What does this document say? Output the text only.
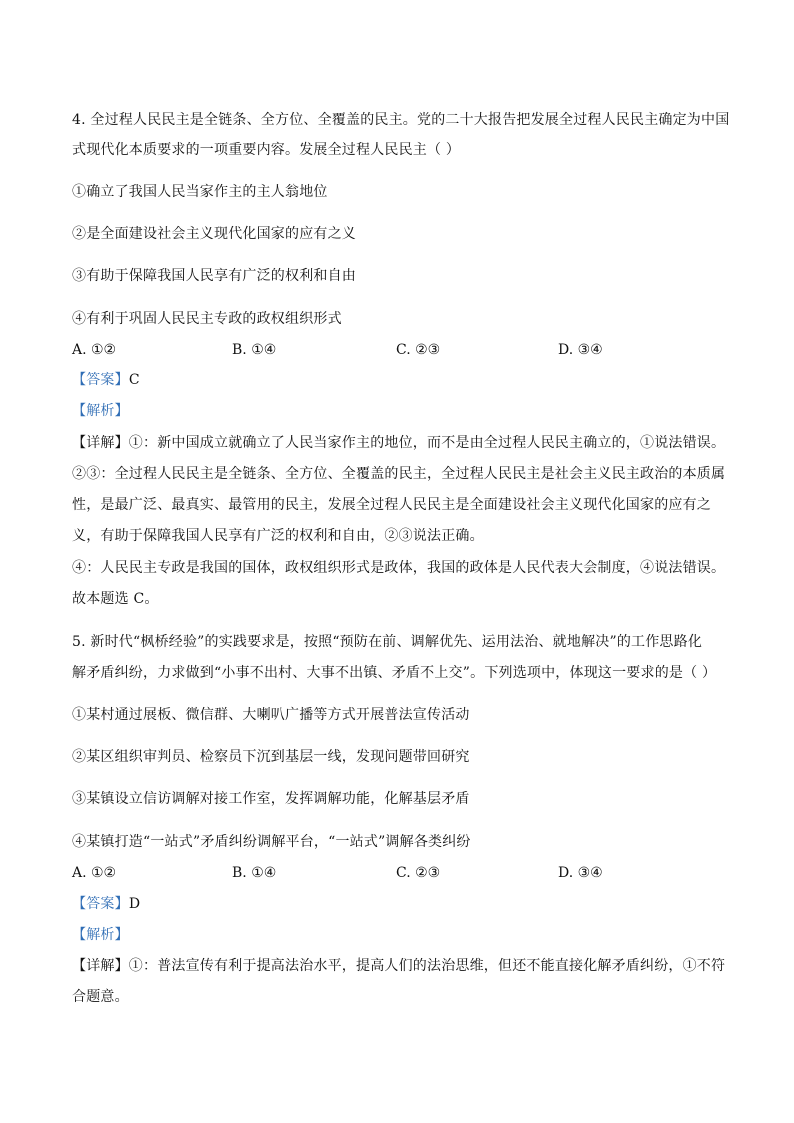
4. 全过程人民民主是全链条、全方位、全覆盖的民主。党的二十大报告把发展全过程人民民主确定为中国
式现代化本质要求的一项重要内容。发展全过程人民民主（ ）
①确立了我国人民当家作主的主人翁地位
②是全面建设社会主义现代化国家的应有之义
③有助于保障我国人民享有广泛的权利和自由
④有利于巩固人民民主专政的政权组织形式
A. ①②	B. ①④	C. ②③	D. ③④
【答案】C
【解析】
【详解】①：新中国成立就确立了人民当家作主的地位，而不是由全过程人民民主确立的，①说法错误。
②③：全过程人民民主是全链条、全方位、全覆盖的民主，全过程人民民主是社会主义民主政治的本质属
性，是最广泛、最真实、最管用的民主，发展全过程人民民主是全面建设社会主义现代化国家的应有之
义，有助于保障我国人民享有广泛的权利和自由，②③说法正确。
④：人民民主专政是我国的国体，政权组织形式是政体，我国的政体是人民代表大会制度，④说法错误。
故本题选 C。
5. 新时代“枫桥经验”的实践要求是，按照“预防在前、调解优先、运用法治、就地解决”的工作思路化
解矛盾纠纷，力求做到“小事不出村、大事不出镇、矛盾不上交”。下列选项中，体现这一要求的是（ ）
①某村通过展板、微信群、大喇叭广播等方式开展普法宣传活动
②某区组织审判员、检察员下沉到基层一线，发现问题带回研究
③某镇设立信访调解对接工作室，发挥调解功能，化解基层矛盾
④某镇打造“一站式”矛盾纠纷调解平台，“一站式”调解各类纠纷
A. ①②	B. ①④	C. ②③	D. ③④
【答案】D
【解析】
【详解】①：普法宣传有利于提高法治水平，提高人们的法治思维，但还不能直接化解矛盾纠纷，①不符
合题意。
